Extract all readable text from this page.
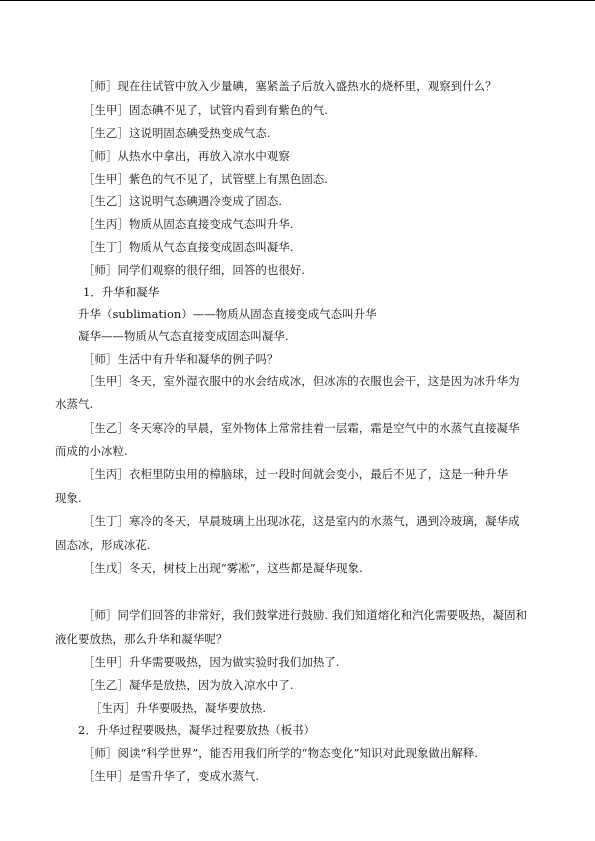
［师］现在往试管中放入少量碘，塞紧盖子后放入盛热水的烧杯里，观察到什么？
［生甲］固态碘不见了，试管内看到有紫色的气.
［生乙］这说明固态碘受热变成气态.
［师］从热水中拿出，再放入凉水中观察
［生甲］紫色的气不见了，试管壁上有黑色固态.
［生乙］这说明气态碘遇冷变成了固态.
［生丙］物质从固态直接变成气态叫升华.
［生丁］物质从气态直接变成固态叫凝华.
［师］同学们观察的很仔细，回答的也很好.
1．升华和凝华
升华（sublimation）——物质从固态直接变成气态叫升华
凝华——物质从气态直接变成固态叫凝华.
［师］生活中有升华和凝华的例子吗？
［生甲］冬天，室外湿衣服中的水会结成冰，但冰冻的衣服也会干，这是因为冰升华为
水蒸气.
［生乙］冬天寒冷的早晨，室外物体上常常挂着一层霜，霜是空气中的水蒸气直接凝华
而成的小冰粒.
［生丙］衣柜里防虫用的樟脑球，过一段时间就会变小，最后不见了，这是一种升华
现象.
［生丁］寒冷的冬天，早晨玻璃上出现冰花，这是室内的水蒸气，遇到冷玻璃，凝华成
固态冰，形成冰花.
［生戊］冬天，树枝上出现“雾凇”，这些都是凝华现象.
［师］同学们回答的非常好，我们鼓掌进行鼓励. 我们知道熔化和汽化需要吸热，凝固和
液化要放热，那么升华和凝华呢？
［生甲］升华需要吸热，因为做实验时我们加热了.
［生乙］凝华是放热，因为放入凉水中了.
［生丙］升华要吸热，凝华要放热.
2．升华过程要吸热，凝华过程要放热（板书）
［师］阅读“科学世界”，能否用我们所学的“物态变化”知识对此现象做出解释.
［生甲］是雪升华了，变成水蒸气.
